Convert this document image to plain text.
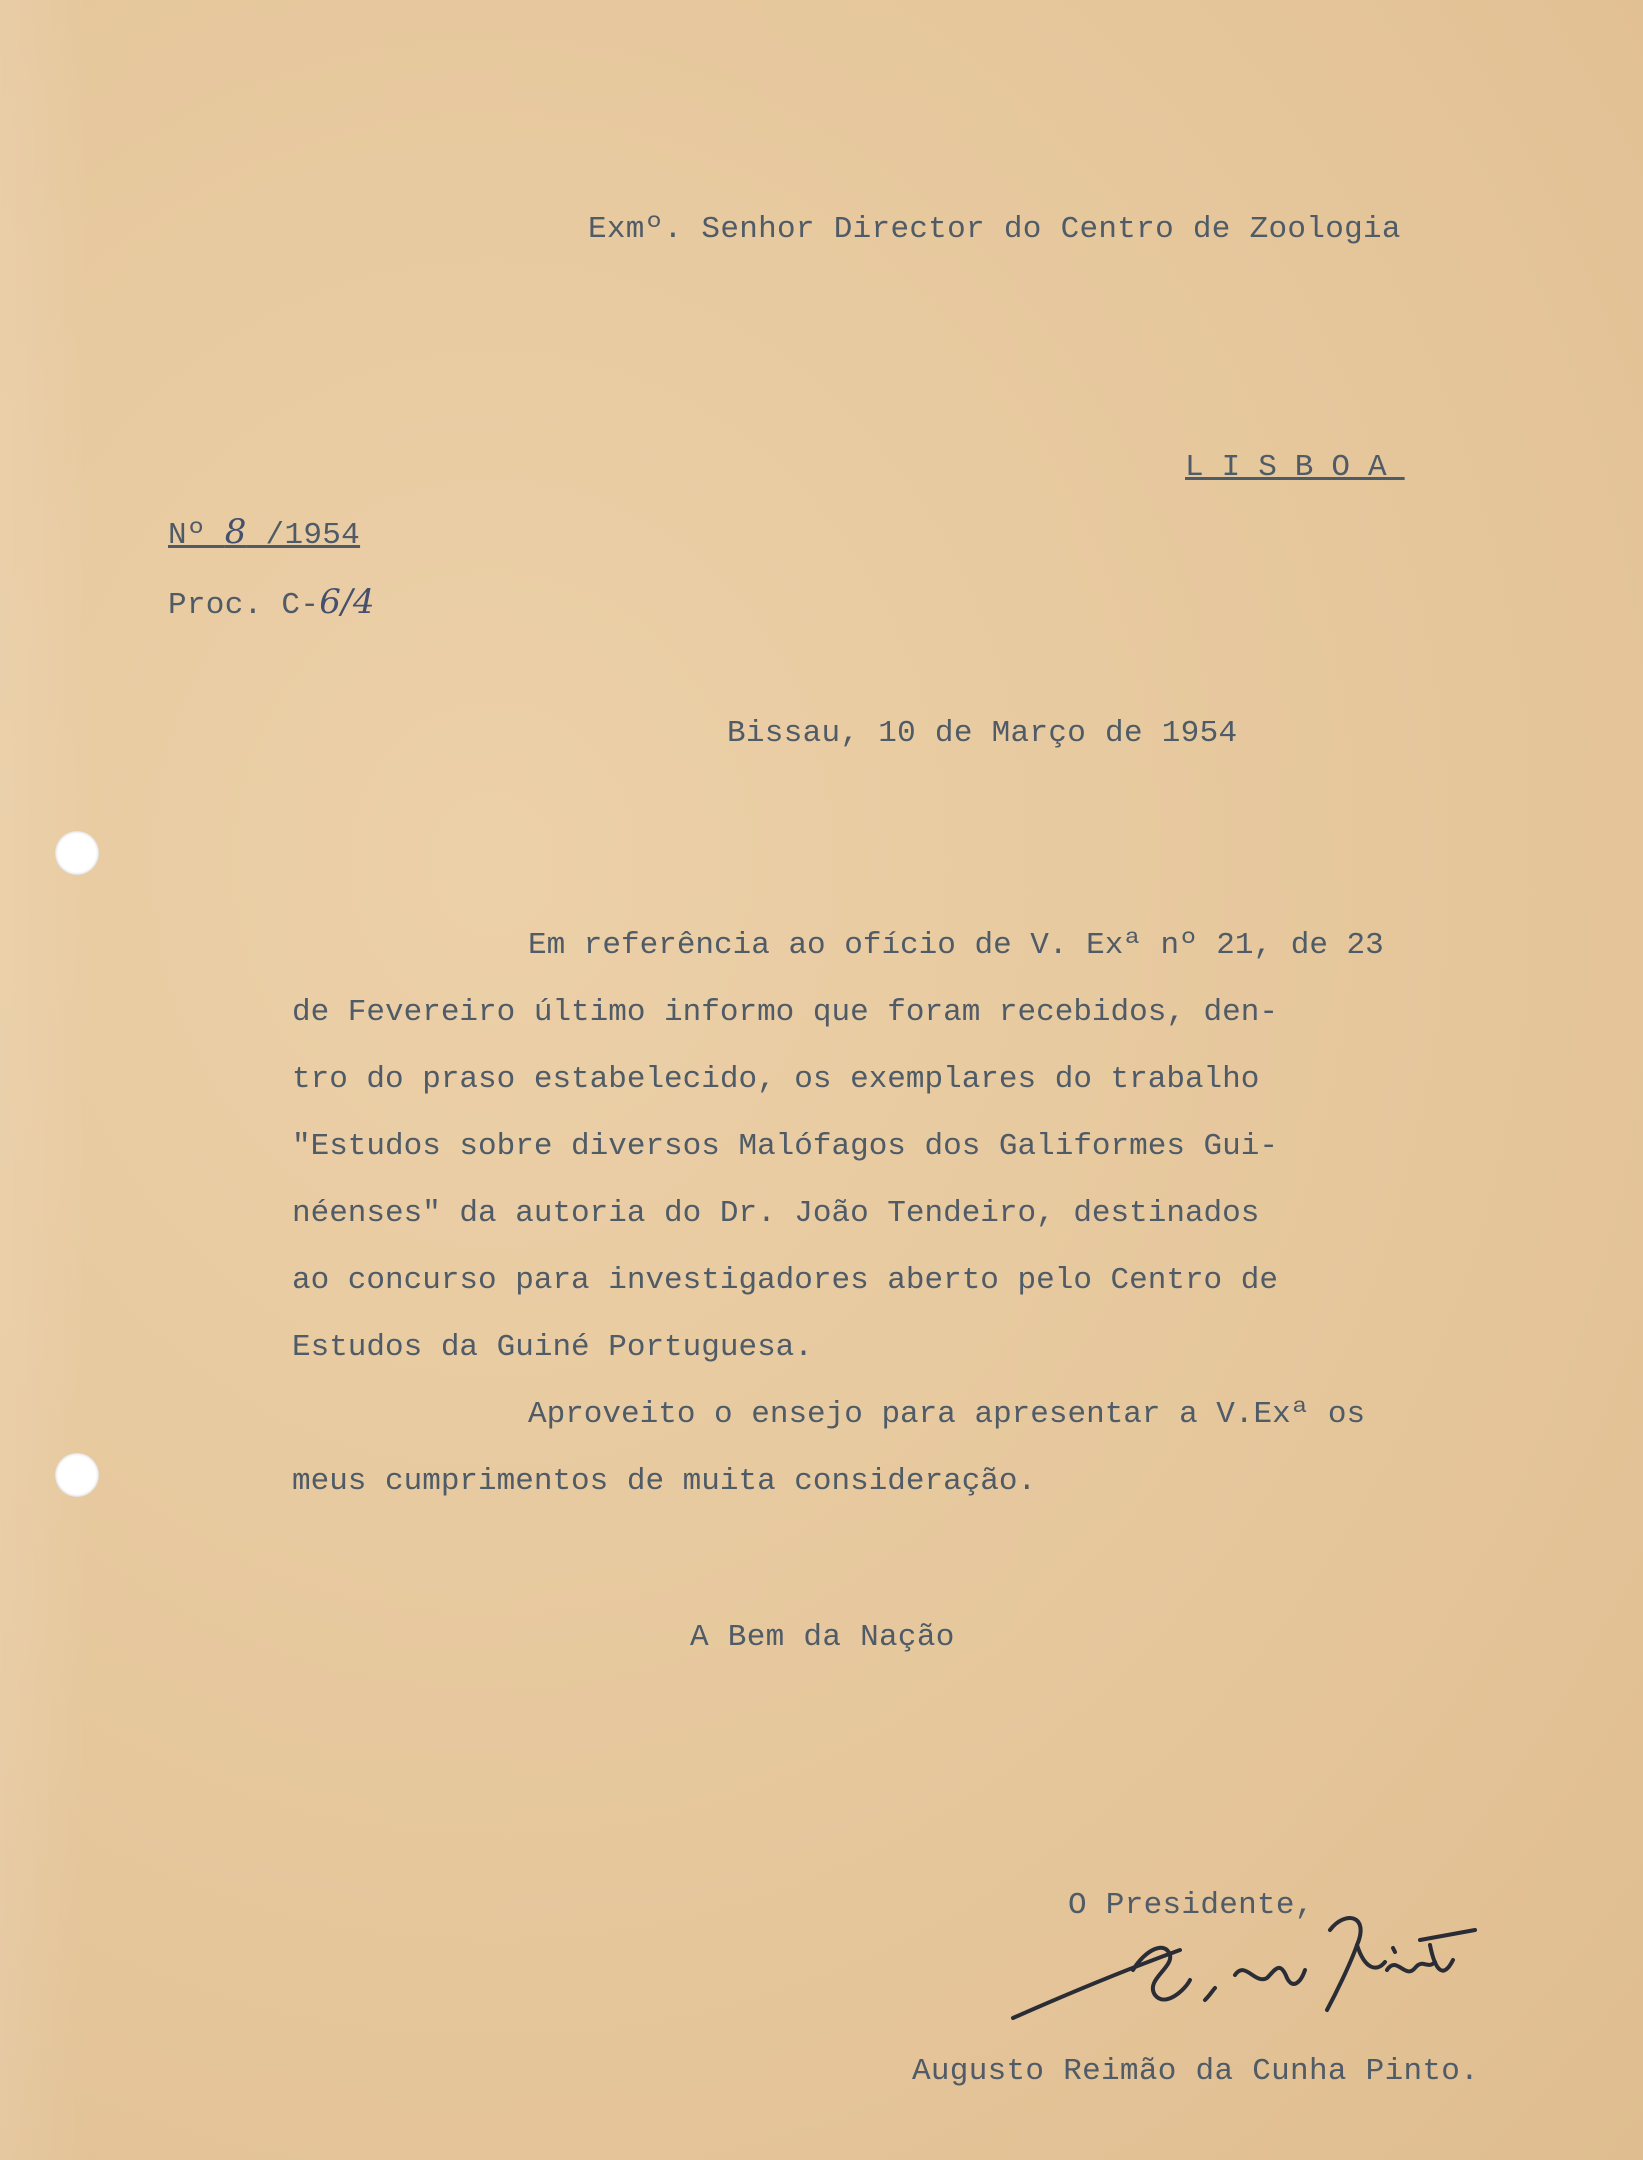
Exmº. Senhor Director do Centro de Zoologia
LISBOA
Nº 8 /1954
Proc. C-6/4
Bissau, 10 de Março de 1954
Em referência ao ofício de V. Exª nº 21, de 23
de Fevereiro último informo que foram recebidos, den-
tro do praso estabelecido, os exemplares do trabalho
"Estudos sobre diversos Malófagos dos Galiformes Gui-
néenses" da autoria do Dr. João Tendeiro, destinados
ao concurso para investigadores aberto pelo Centro de
Estudos da Guiné Portuguesa.
Aproveito o ensejo para apresentar a V.Exª os
meus cumprimentos de muita consideração.
A Bem da Nação
O Presidente,
Augusto Reimão da Cunha Pinto.
